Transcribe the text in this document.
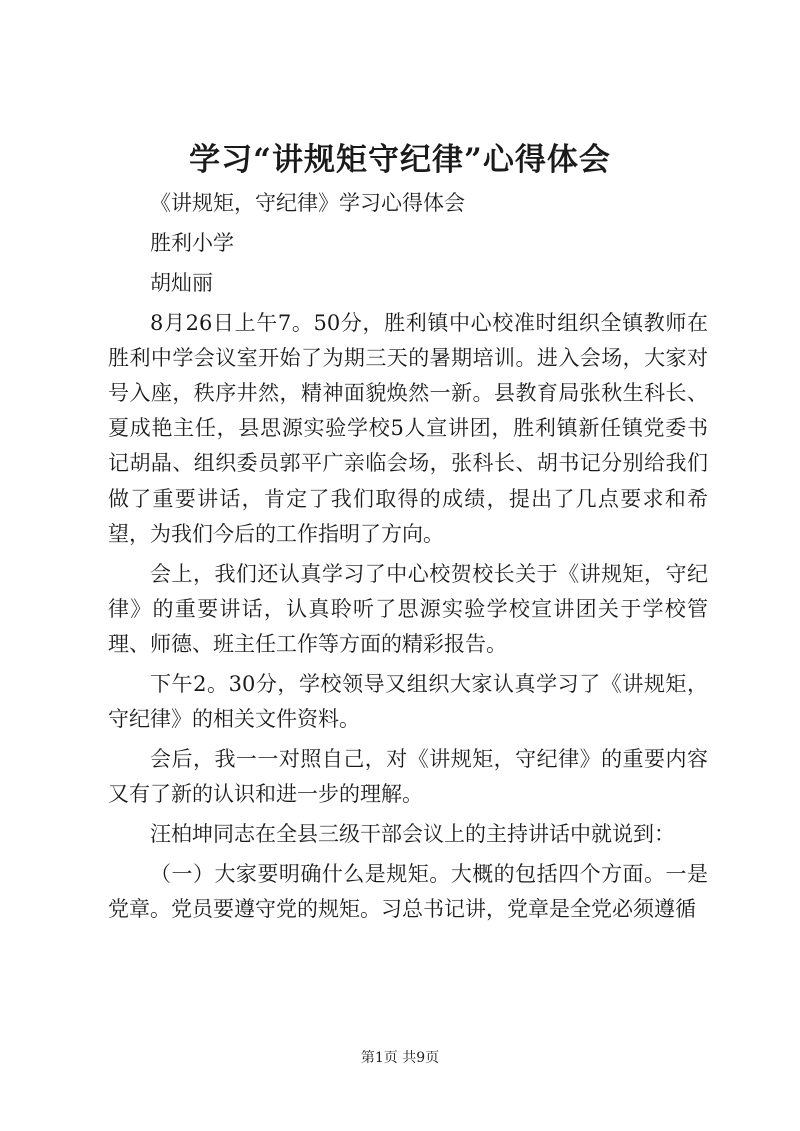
学习“讲规矩守纪律”心得体会

《讲规矩，守纪律》学习心得体会

胜利小学

胡灿丽

8月26日上午7。50分，胜利镇中心校准时组织全镇教师在胜利中学会议室开始了为期三天的暑期培训。进入会场，大家对号入座，秩序井然，精神面貌焕然一新。县教育局张秋生科长、夏成艳主任，县思源实验学校5人宣讲团，胜利镇新任镇党委书记胡晶、组织委员郭平广亲临会场，张科长、胡书记分别给我们做了重要讲话，肯定了我们取得的成绩，提出了几点要求和希望，为我们今后的工作指明了方向。

会上，我们还认真学习了中心校贺校长关于《讲规矩，守纪律》的重要讲话，认真聆听了思源实验学校宣讲团关于学校管理、师德、班主任工作等方面的精彩报告。

下午2。30分，学校领导又组织大家认真学习了《讲规矩，守纪律》的相关文件资料。

会后，我一一对照自己，对《讲规矩，守纪律》的重要内容又有了新的认识和进一步的理解。

汪柏坤同志在全县三级干部会议上的主持讲话中就说到：

（一）大家要明确什么是规矩。大概的包括四个方面。一是党章。党员要遵守党的规矩。习总书记讲，党章是全党必须遵循

第1页 共9页
